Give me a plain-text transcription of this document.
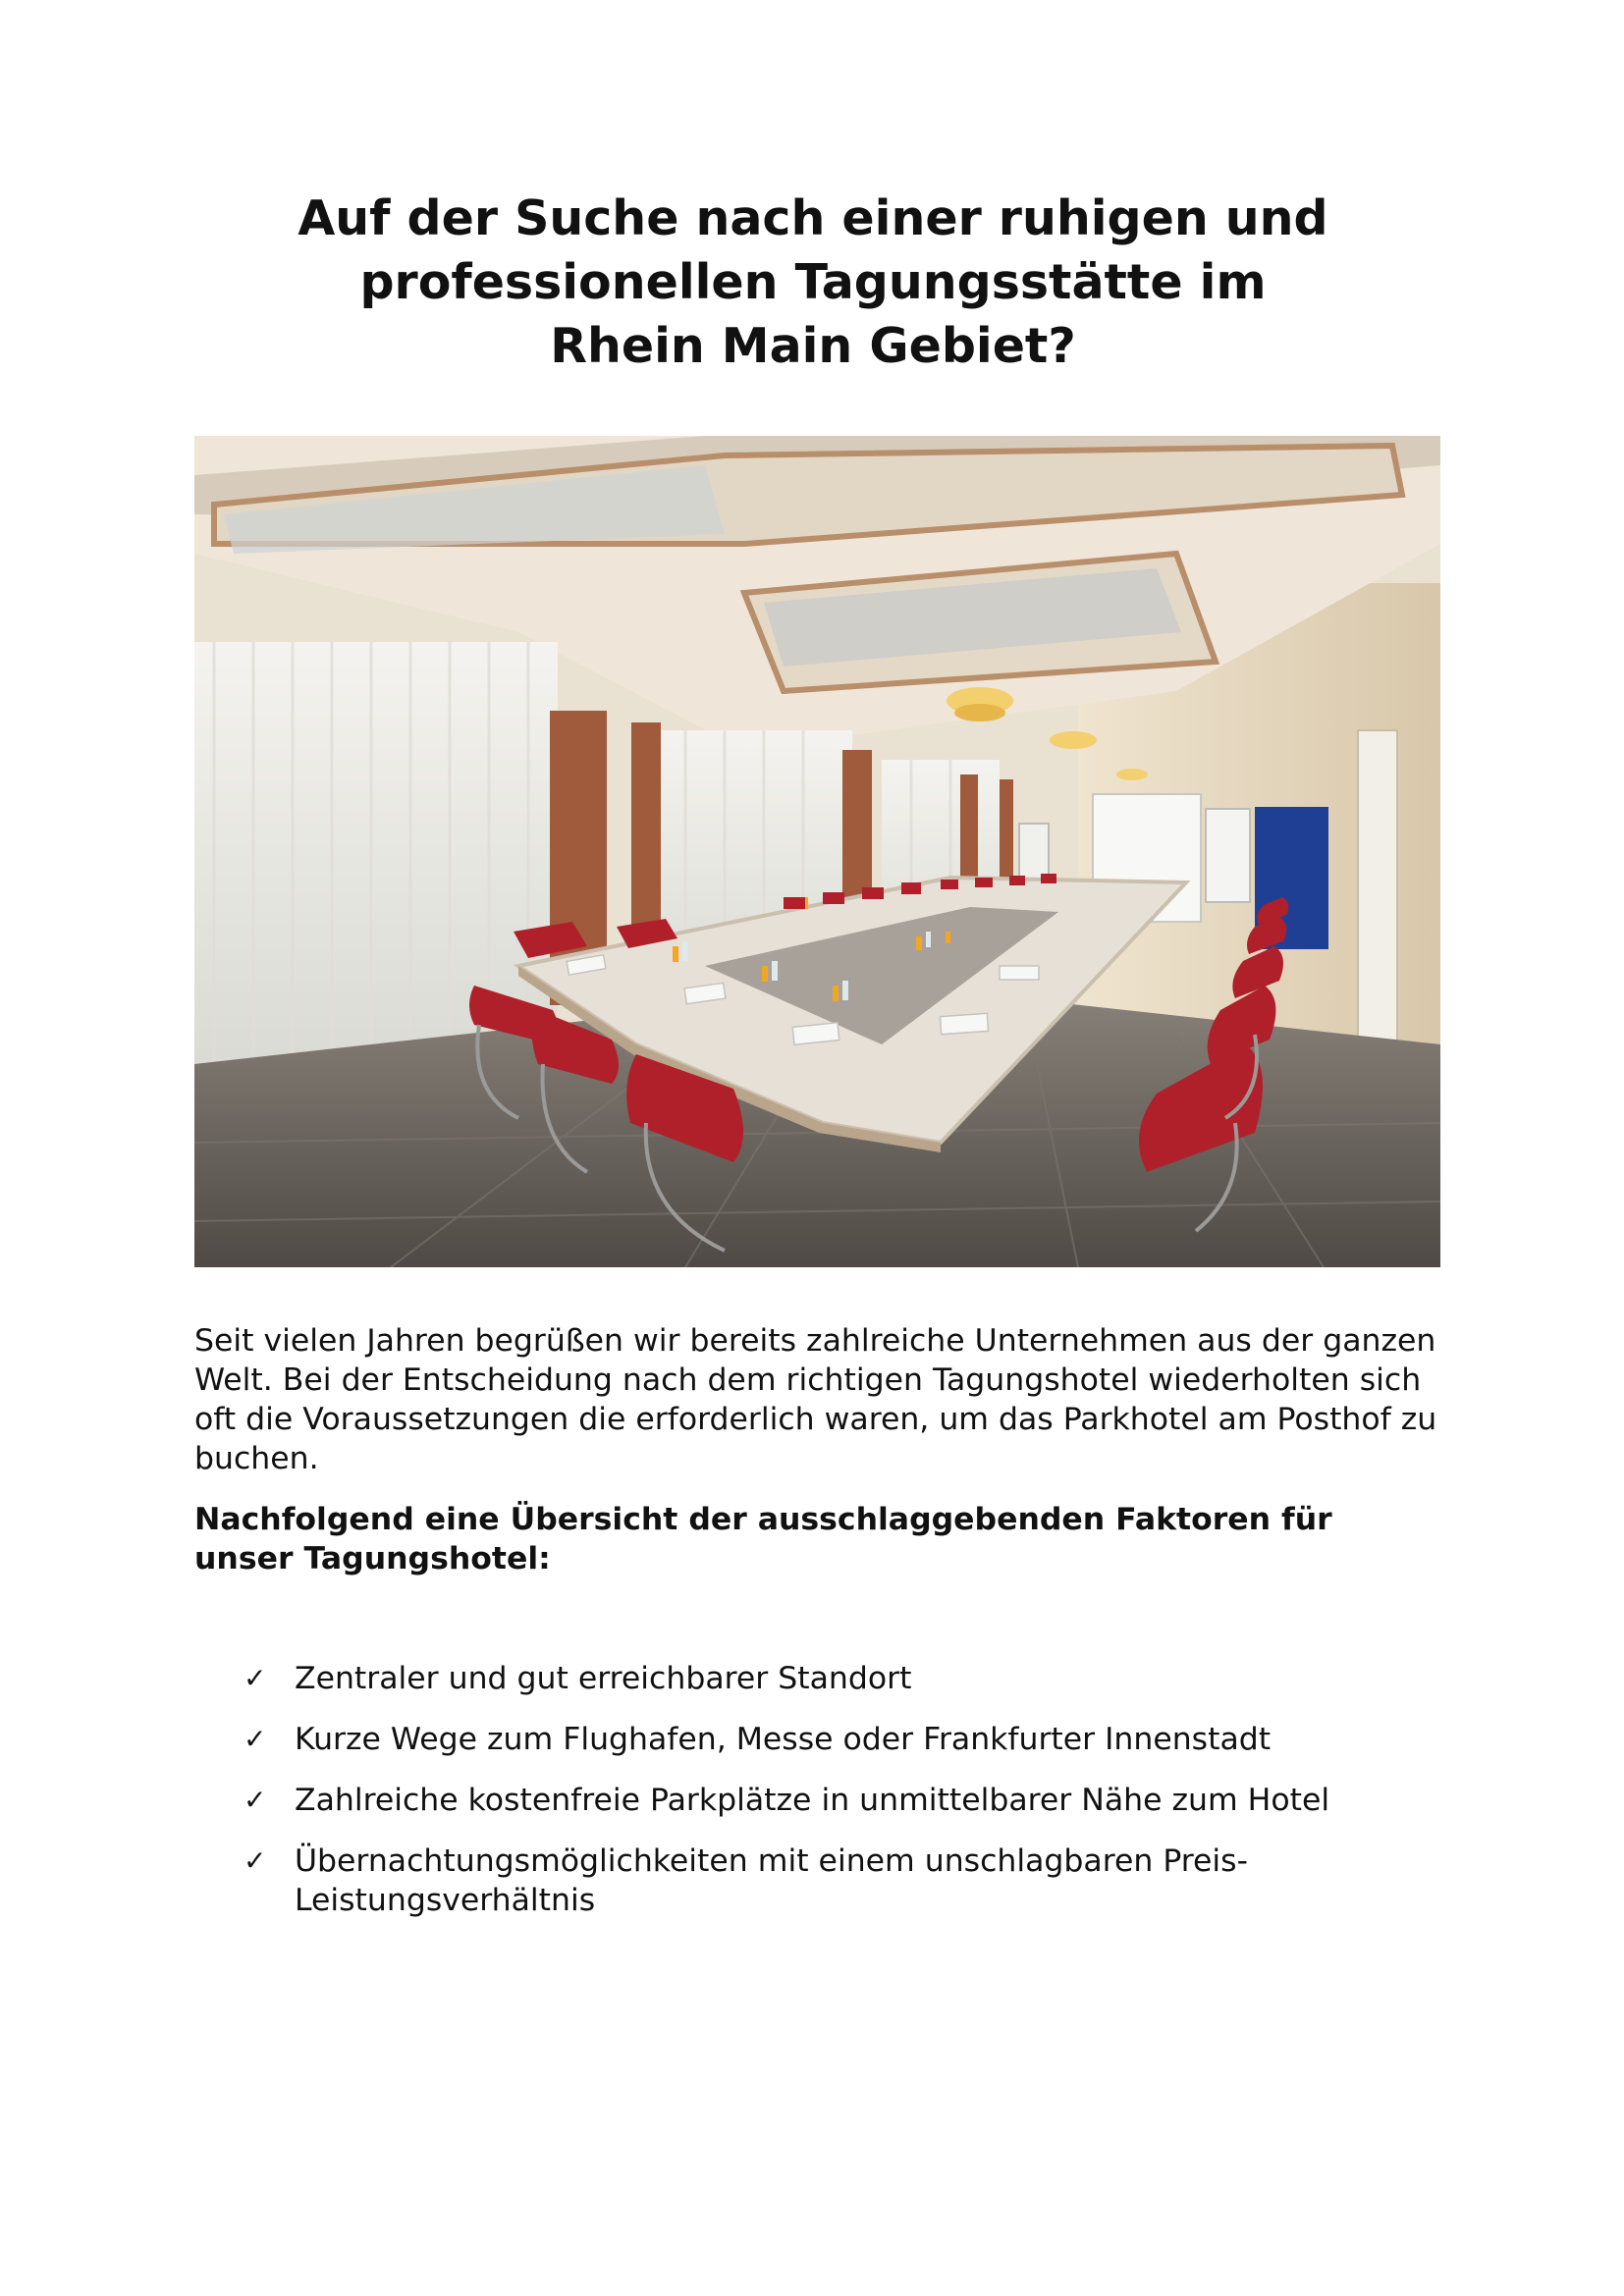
Auf der Suche nach einer ruhigen und
professionellen Tagungsstätte im
Rhein Main Gebiet?

Seit vielen Jahren begrüßen wir bereits zahlreiche Unternehmen aus der ganzen Welt. Bei der Entscheidung nach dem richtigen Tagungshotel wiederholten sich oft die Voraussetzungen die erforderlich waren, um das Parkhotel am Posthof zu buchen.

Nachfolgend eine Übersicht der ausschlaggebenden Faktoren für unser Tagungshotel:

✓ Zentraler und gut erreichbarer Standort
✓ Kurze Wege zum Flughafen, Messe oder Frankfurter Innenstadt
✓ Zahlreiche kostenfreie Parkplätze in unmittelbarer Nähe zum Hotel
✓ Übernachtungsmöglichkeiten mit einem unschlagbaren Preis-Leistungsverhältnis
